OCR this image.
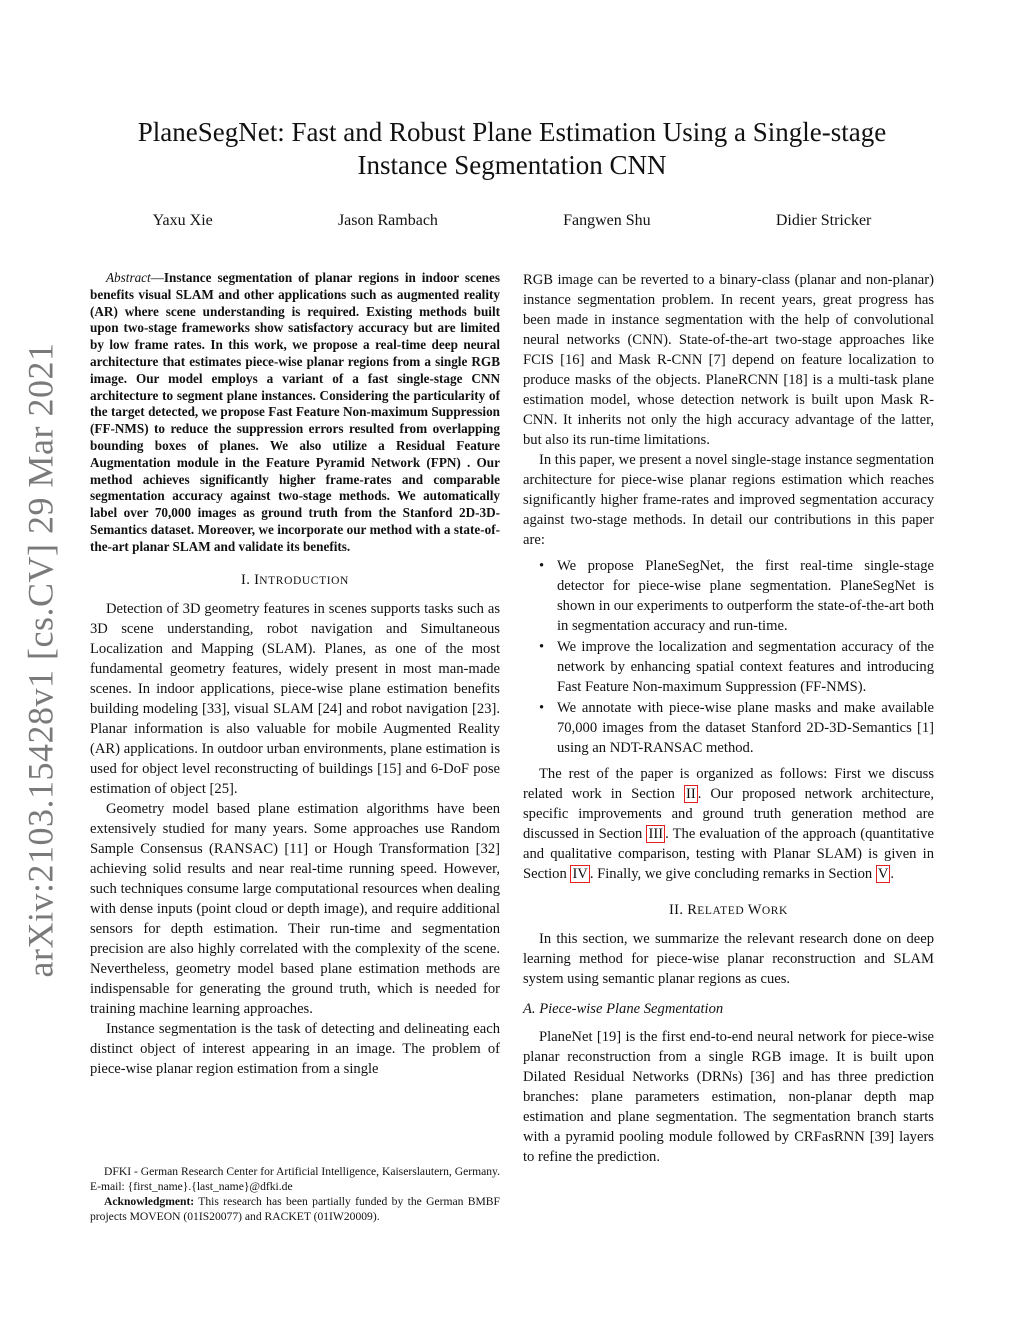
arXiv:2103.15428v1 [cs.CV] 29 Mar 2021
PlaneSegNet: Fast and Robust Plane Estimation Using a Single-stage
Instance Segmentation CNN
Yaxu Xie	Jason Rambach	Fangwen Shu	Didier Stricker
Abstract—Instance segmentation of planar regions in indoor scenes benefits visual SLAM and other applications such as augmented reality (AR) where scene understanding is required. Existing methods built upon two-stage frameworks show satisfactory accuracy but are limited by low frame rates. In this work, we propose a real-time deep neural architecture that estimates piece-wise planar regions from a single RGB image. Our model employs a variant of a fast single-stage CNN architecture to segment plane instances. Considering the particularity of the target detected, we propose Fast Feature Non-maximum Suppression (FF-NMS) to reduce the suppression errors resulted from overlapping bounding boxes of planes. We also utilize a Residual Feature Augmentation module in the Feature Pyramid Network (FPN) . Our method achieves significantly higher frame-rates and comparable segmentation accuracy against two-stage methods. We automatically label over 70,000 images as ground truth from the Stanford 2D-3D-Semantics dataset. Moreover, we incorporate our method with a state-of-the-art planar SLAM and validate its benefits.
I. INTRODUCTION

Detection of 3D geometry features in scenes supports tasks such as 3D scene understanding, robot navigation and Simultaneous Localization and Mapping (SLAM). Planes, as one of the most fundamental geometry features, widely present in most man-made scenes. In indoor applications, piece-wise plane estimation benefits building modeling [33], visual SLAM [24] and robot navigation [23]. Planar information is also valuable for mobile Augmented Reality (AR) applications. In outdoor urban environments, plane estimation is used for object level reconstructing of buildings [15] and 6-DoF pose estimation of object [25].

Geometry model based plane estimation algorithms have been extensively studied for many years. Some approaches use Random Sample Consensus (RANSAC) [11] or Hough Transformation [32] achieving solid results and near real-time running speed. However, such techniques consume large computational resources when dealing with dense inputs (point cloud or depth image), and require additional sensors for depth estimation. Their run-time and segmentation precision are also highly correlated with the complexity of the scene. Nevertheless, geometry model based plane estimation methods are indispensable for generating the ground truth, which is needed for training machine learning approaches.

Instance segmentation is the task of detecting and delineating each distinct object of interest appearing in an image. The problem of piece-wise planar region estimation from a single

DFKI - German Research Center for Artificial Intelligence, Kaiserslautern, Germany. E-mail: {first_name}.{last_name}@dfki.de

Acknowledgment: This research has been partially funded by the German BMBF projects MOVEON (01IS20077) and RACKET (01IW20009).

RGB image can be reverted to a binary-class (planar and non-planar) instance segmentation problem. In recent years, great progress has been made in instance segmentation with the help of convolutional neural networks (CNN). State-of-the-art two-stage approaches like FCIS [16] and Mask R-CNN [7] depend on feature localization to produce masks of the objects. PlaneRCNN [18] is a multi-task plane estimation model, whose detection network is built upon Mask R-CNN. It inherits not only the high accuracy advantage of the latter, but also its run-time limitations.

In this paper, we present a novel single-stage instance segmentation architecture for piece-wise planar regions estimation which reaches significantly higher frame-rates and improved segmentation accuracy against two-stage methods. In detail our contributions in this paper are:

• We propose PlaneSegNet, the first real-time single-stage detector for piece-wise plane segmentation. PlaneSegNet is shown in our experiments to outperform the state-of-the-art both in segmentation accuracy and run-time.
• We improve the localization and segmentation accuracy of the network by enhancing spatial context features and introducing Fast Feature Non-maximum Suppression (FF-NMS).
• We annotate with piece-wise plane masks and make available 70,000 images from the dataset Stanford 2D-3D-Semantics [1] using an NDT-RANSAC method.

The rest of the paper is organized as follows: First we discuss related work in Section II . Our proposed network architecture, specific improvements and ground truth generation method are discussed in Section III . The evaluation of the approach (quantitative and qualitative comparison, testing with Planar SLAM) is given in Section IV . Finally, we give concluding remarks in Section V .

II. RELATED WORK

In this section, we summarize the relevant research done on deep learning method for piece-wise planar reconstruction and SLAM system using semantic planar regions as cues.

A. Piece-wise Plane Segmentation

PlaneNet [19] is the first end-to-end neural network for piece-wise planar reconstruction from a single RGB image. It is built upon Dilated Residual Networks (DRNs) [36] and has three prediction branches: plane parameters estimation, non-planar depth map estimation and plane segmentation. The segmentation branch starts with a pyramid pooling module followed by CRFasRNN [39] layers to refine the prediction.
